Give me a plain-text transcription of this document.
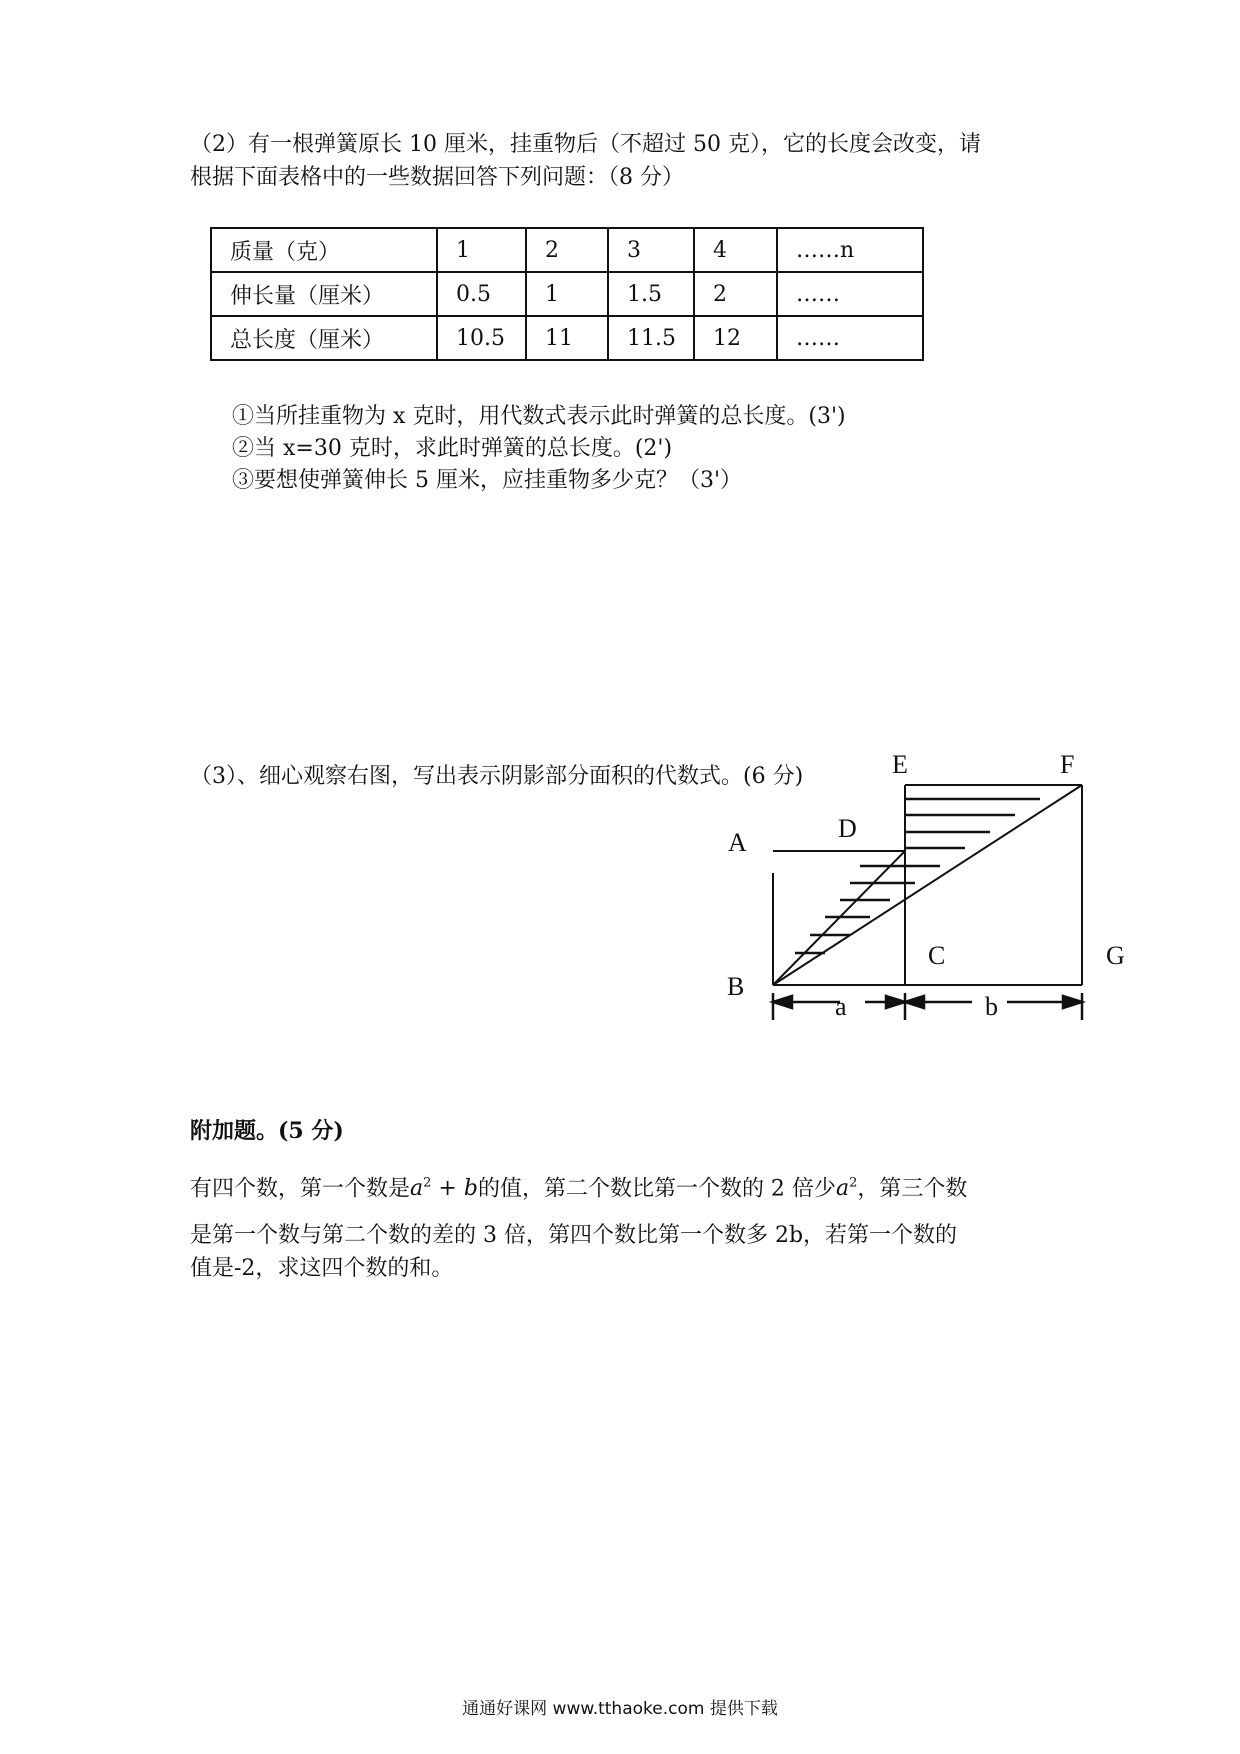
（2）有一根弹簧原长 10 厘米，挂重物后（不超过 50 克），它的长度会改变，请
根据下面表格中的一些数据回答下列问题：（8 分）
质量（克）	1	2	3	4	……n
伸长量（厘米）	0.5	1	1.5	2	……
总长度（厘米）	10.5	11	11.5	12	……
①当所挂重物为 x 克时，用代数式表示此时弹簧的总长度。(3')
②当 x=30 克时，求此时弹簧的总长度。(2')
③要想使弹簧伸长 5 厘米，应挂重物多少克？（3'）
（3）、细心观察右图，写出表示阴影部分面积的代数式。(6 分)	E	F
D
A
C	G
B
a	b
附加题。(5 分)
有四个数，第一个数是$a^2 + b$的值，第二个数比第一个数的 2 倍少$a^2$，第三个数
是第一个数与第二个数的差的 3 倍，第四个数比第一个数多 2b，若第一个数的
值是-2，求这四个数的和。
通通好课网 www.tthaoke.com 提供下载
